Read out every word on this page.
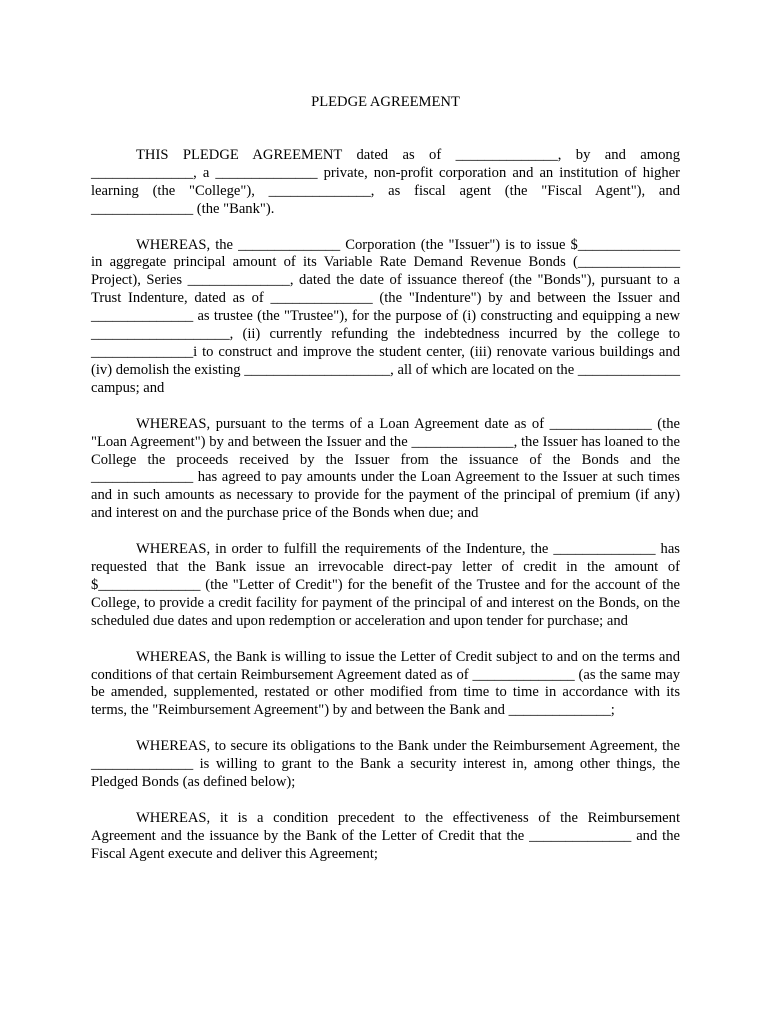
PLEDGE AGREEMENT

THIS PLEDGE AGREEMENT dated as of ______________, by and among ______________, a ______________ private, non-profit corporation and an institution of higher learning (the "College"), ______________, as fiscal agent (the "Fiscal Agent"), and ______________ (the "Bank").

WHEREAS, the ______________ Corporation (the "Issuer") is to issue $______________ in aggregate principal amount of its Variable Rate Demand Revenue Bonds (______________ Project), Series ______________, dated the date of issuance thereof (the "Bonds"), pursuant to a Trust Indenture, dated as of ______________ (the "Indenture") by and between the Issuer and ______________ as trustee (the "Trustee"), for the purpose of (i) constructing and equipping a new ___________________, (ii) currently refunding the indebtedness incurred by the college to ______________i to construct and improve the student center, (iii) renovate various buildings and (iv) demolish the existing ____________________, all of which are located on the ______________ campus; and

WHEREAS, pursuant to the terms of a Loan Agreement date as of ______________ (the "Loan Agreement") by and between the Issuer and the ______________, the Issuer has loaned to the College the proceeds received by the Issuer from the issuance of the Bonds and the ______________ has agreed to pay amounts under the Loan Agreement to the Issuer at such times and in such amounts as necessary to provide for the payment of the principal of premium (if any) and interest on and the purchase price of the Bonds when due; and

WHEREAS, in order to fulfill the requirements of the Indenture, the ______________ has requested that the Bank issue an irrevocable direct-pay letter of credit in the amount of $______________ (the "Letter of Credit") for the benefit of the Trustee and for the account of the College, to provide a credit facility for payment of the principal of and interest on the Bonds, on the scheduled due dates and upon redemption or acceleration and upon tender for purchase; and

WHEREAS, the Bank is willing to issue the Letter of Credit subject to and on the terms and conditions of that certain Reimbursement Agreement dated as of ______________ (as the same may be amended, supplemented, restated or other modified from time to time in accordance with its terms, the "Reimbursement Agreement") by and between the Bank and ______________;

WHEREAS, to secure its obligations to the Bank under the Reimbursement Agreement, the ______________ is willing to grant to the Bank a security interest in, among other things, the Pledged Bonds (as defined below);

WHEREAS, it is a condition precedent to the effectiveness of the Reimbursement Agreement and the issuance by the Bank of the Letter of Credit that the ______________ and the Fiscal Agent execute and deliver this Agreement;
